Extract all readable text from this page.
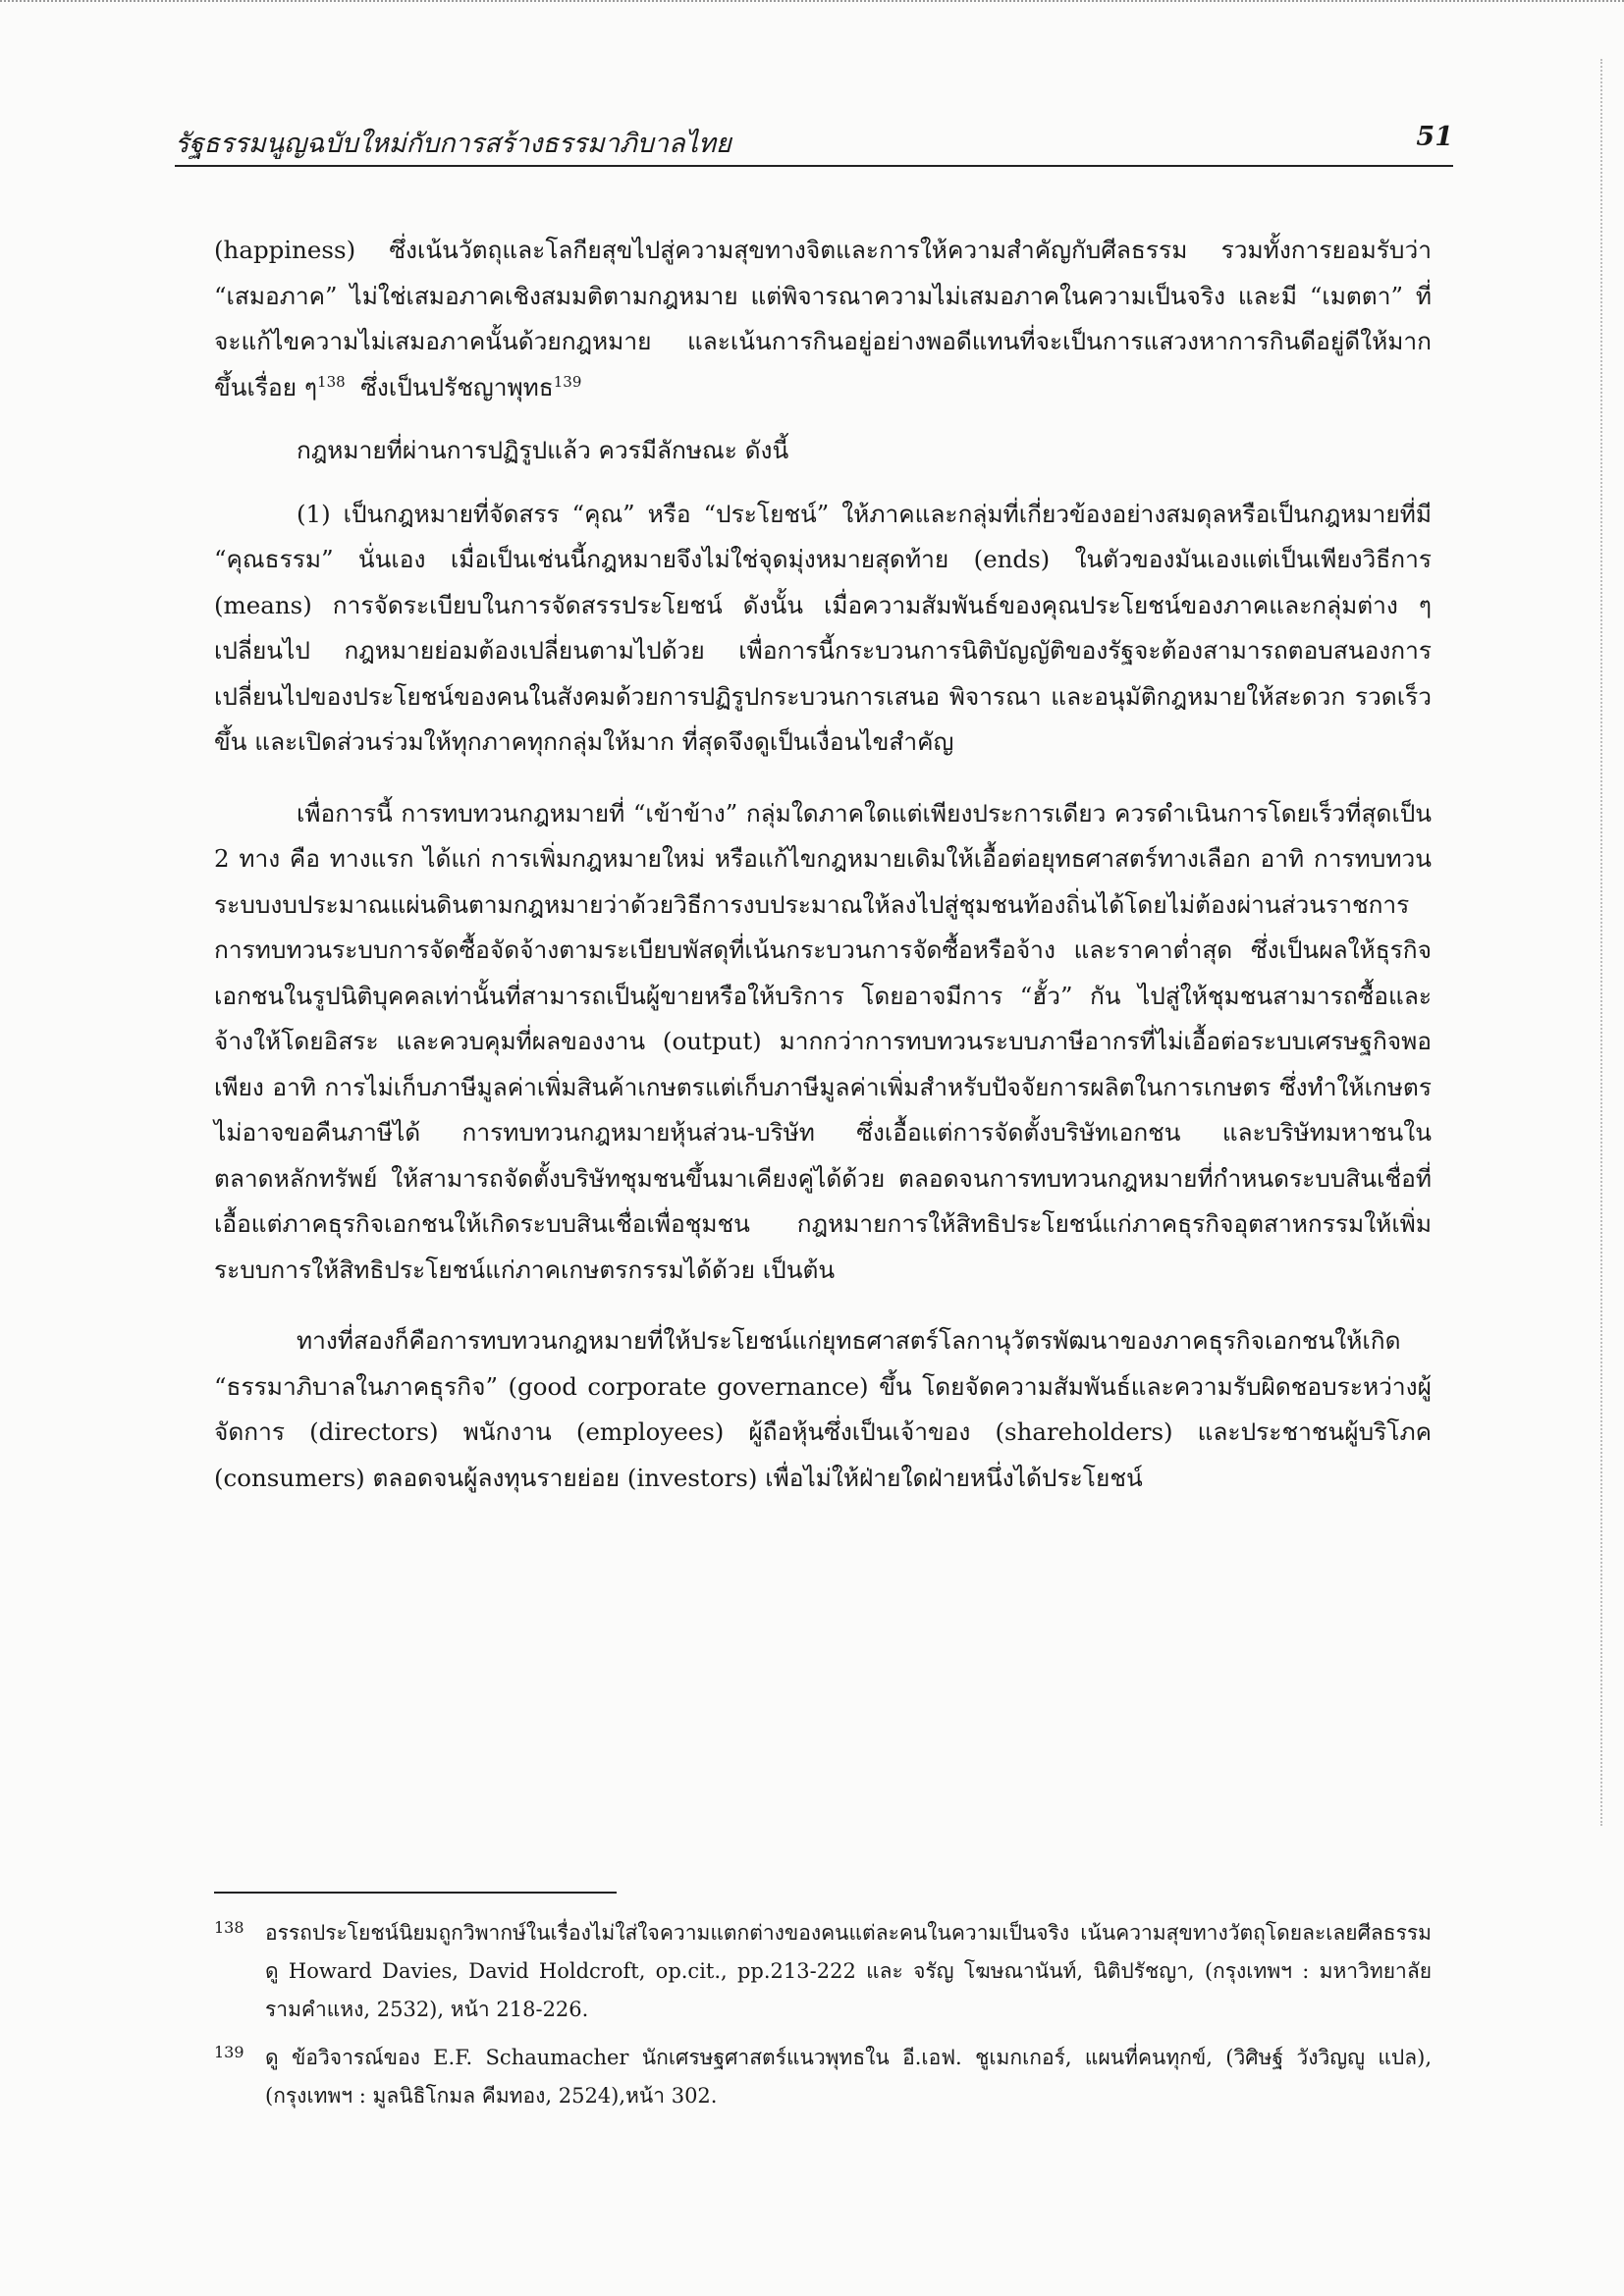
รัฐธรรมนูญฉบับใหม่กับการสร้างธรรมาภิบาลไทย	51

(happiness) ซึ่งเน้นวัตถุและโลกียสุขไปสู่ความสุขทางจิตและการให้ความสำคัญกับศีลธรรม รวมทั้งการยอมรับว่า “เสมอภาค” ไม่ใช่เสมอภาคเชิงสมมติตามกฎหมาย แต่พิจารณาความไม่เสมอภาคในความเป็นจริง และมี “เมตตา” ที่จะแก้ไขความไม่เสมอภาคนั้นด้วยกฎหมาย และเน้นการกินอยู่อย่างพอดีแทนที่จะเป็นการแสวงหาการกินดีอยู่ดีให้มากขึ้นเรื่อย ๆ$^{138}$ ซึ่งเป็นปรัชญาพุทธ$^{139}$

กฎหมายที่ผ่านการปฏิรูปแล้ว ควรมีลักษณะ ดังนี้

(1) เป็นกฎหมายที่จัดสรร “คุณ” หรือ “ประโยชน์” ให้ภาคและกลุ่มที่เกี่ยวข้องอย่างสมดุลหรือเป็นกฎหมายที่มี “คุณธรรม” นั่นเอง เมื่อเป็นเช่นนี้กฎหมายจึงไม่ใช่จุดมุ่งหมายสุดท้าย (ends) ในตัวของมันเองแต่เป็นเพียงวิธีการ (means) การจัดระเบียบในการจัดสรรประโยชน์ ดังนั้น เมื่อความสัมพันธ์ของคุณประโยชน์ของภาคและกลุ่มต่าง ๆ เปลี่ยนไป กฎหมายย่อมต้องเปลี่ยนตามไปด้วย เพื่อการนี้กระบวนการนิติบัญญัติของรัฐจะต้องสามารถตอบสนองการเปลี่ยนไปของประโยชน์ของคนในสังคมด้วยการปฏิรูปกระบวนการเสนอ พิจารณา และอนุมัติกฎหมายให้สะดวก รวดเร็วขึ้น และเปิดส่วนร่วมให้ทุกภาคทุกกลุ่มให้มาก ที่สุดจึงดูเป็นเงื่อนไขสำคัญ

เพื่อการนี้ การทบทวนกฎหมายที่ “เข้าข้าง” กลุ่มใดภาคใดแต่เพียงประการเดียว ควรดำเนินการโดยเร็วที่สุดเป็น 2 ทาง คือ ทางแรก ได้แก่ การเพิ่มกฎหมายใหม่ หรือแก้ไขกฎหมายเดิมให้เอื้อต่อยุทธศาสตร์ทางเลือก อาทิ การทบทวนระบบงบประมาณแผ่นดินตามกฎหมายว่าด้วยวิธีการงบประมาณให้ลงไปสู่ชุมชนท้องถิ่นได้โดยไม่ต้องผ่านส่วนราชการ การทบทวนระบบการจัดซื้อจัดจ้างตามระเบียบพัสดุที่เน้นกระบวนการจัดซื้อหรือจ้าง และราคาต่ำสุด ซึ่งเป็นผลให้ธุรกิจเอกชนในรูปนิติบุคคลเท่านั้นที่สามารถเป็นผู้ขายหรือให้บริการ โดยอาจมีการ “ฮั้ว” กัน ไปสู่ให้ชุมชนสามารถซื้อและจ้างให้โดยอิสระ และควบคุมที่ผลของงาน (output) มากกว่าการทบทวนระบบภาษีอากรที่ไม่เอื้อต่อระบบเศรษฐกิจพอเพียง อาทิ การไม่เก็บภาษีมูลค่าเพิ่มสินค้าเกษตรแต่เก็บภาษีมูลค่าเพิ่มสำหรับปัจจัยการผลิตในการเกษตร ซึ่งทำให้เกษตรไม่อาจขอคืนภาษีได้ การทบทวนกฎหมายหุ้นส่วน-บริษัท ซึ่งเอื้อแต่การจัดตั้งบริษัทเอกชน และบริษัทมหาชนในตลาดหลักทรัพย์ ให้สามารถจัดตั้งบริษัทชุมชนขึ้นมาเคียงคู่ได้ด้วย ตลอดจนการทบทวนกฎหมายที่กำหนดระบบสินเชื่อที่เอื้อแต่ภาคธุรกิจเอกชนให้เกิดระบบสินเชื่อเพื่อชุมชน กฎหมายการให้สิทธิประโยชน์แก่ภาคธุรกิจอุตสาหกรรมให้เพิ่มระบบการให้สิทธิประโยชน์แก่ภาคเกษตรกรรมได้ด้วย เป็นต้น

ทางที่สองก็คือการทบทวนกฎหมายที่ให้ประโยชน์แก่ยุทธศาสตร์โลกานุวัตรพัฒนาของภาคธุรกิจเอกชนให้เกิด “ธรรมาภิบาลในภาคธุรกิจ” (good corporate governance) ขึ้น โดยจัดความสัมพันธ์และความรับผิดชอบระหว่างผู้จัดการ (directors) พนักงาน (employees) ผู้ถือหุ้นซึ่งเป็นเจ้าของ (shareholders) และประชาชนผู้บริโภค (consumers) ตลอดจนผู้ลงทุนรายย่อย (investors) เพื่อไม่ให้ฝ่ายใดฝ่ายหนึ่งได้ประโยชน์

138 อรรถประโยชน์นิยมถูกวิพากษ์ในเรื่องไม่ใส่ใจความแตกต่างของคนแต่ละคนในความเป็นจริง เน้นความสุขทางวัตถุโดยละเลยศีลธรรม ดู Howard Davies, David Holdcroft, op.cit., pp.213-222 และ จรัญ โฆษณานันท์, นิติปรัชญา, (กรุงเทพฯ : มหาวิทยาลัยรามคำแหง, 2532), หน้า 218-226.
139 ดู ข้อวิจารณ์ของ E.F. Schaumacher นักเศรษฐศาสตร์แนวพุทธใน อี.เอฟ. ชูเมกเกอร์, แผนที่คนทุกข์, (วิศิษฐ์ วังวิญญู แปล), (กรุงเทพฯ : มูลนิธิโกมล คีมทอง, 2524),หน้า 302.
